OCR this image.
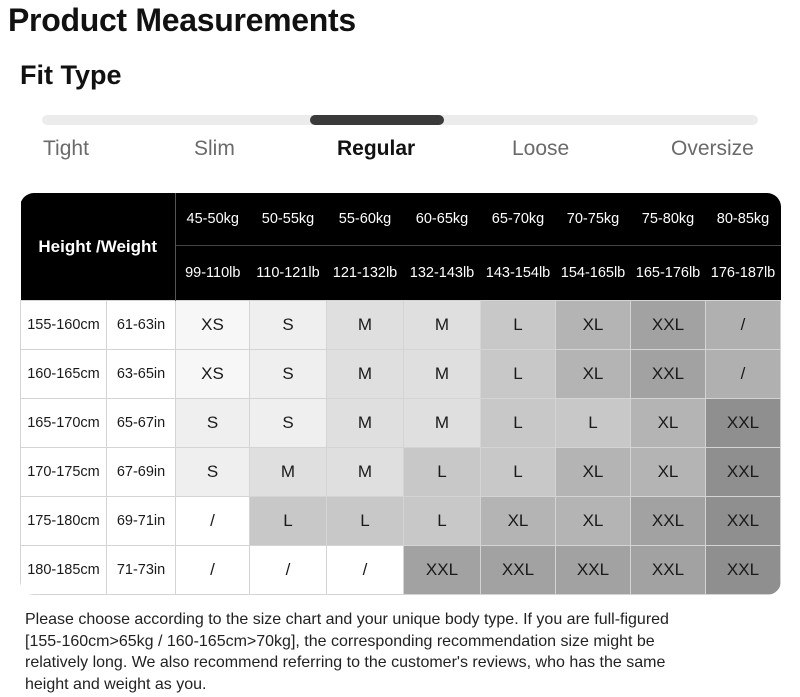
Product Measurements
Fit Type
Tight	Slim	Regular	Loose	Oversize
Height /Weight		45-50kg	50-55kg	55-60kg	60-65kg	65-70kg	70-75kg	75-80kg	80-85kg
		99-110lb	110-121lb	121-132lb	132-143lb	143-154lb	154-165lb	165-176lb	176-187lb
155-160cm	61-63in	XS	S	M	M	L	XL	XXL	/
160-165cm	63-65in	XS	S	M	M	L	XL	XXL	/
165-170cm	65-67in	S	S	M	M	L	L	XL	XXL
170-175cm	67-69in	S	M	M	L	L	XL	XL	XXL
175-180cm	69-71in	/	L	L	L	XL	XL	XXL	XXL
180-185cm	71-73in	/	/	/	XXL	XXL	XXL	XXL	XXL
Please choose according to the size chart and your unique body type. If you are full-figured
[155-160cm>65kg / 160-165cm>70kg], the corresponding recommendation size might be
relatively long. We also recommend referring to the customer's reviews, who has the same
height and weight as you.
